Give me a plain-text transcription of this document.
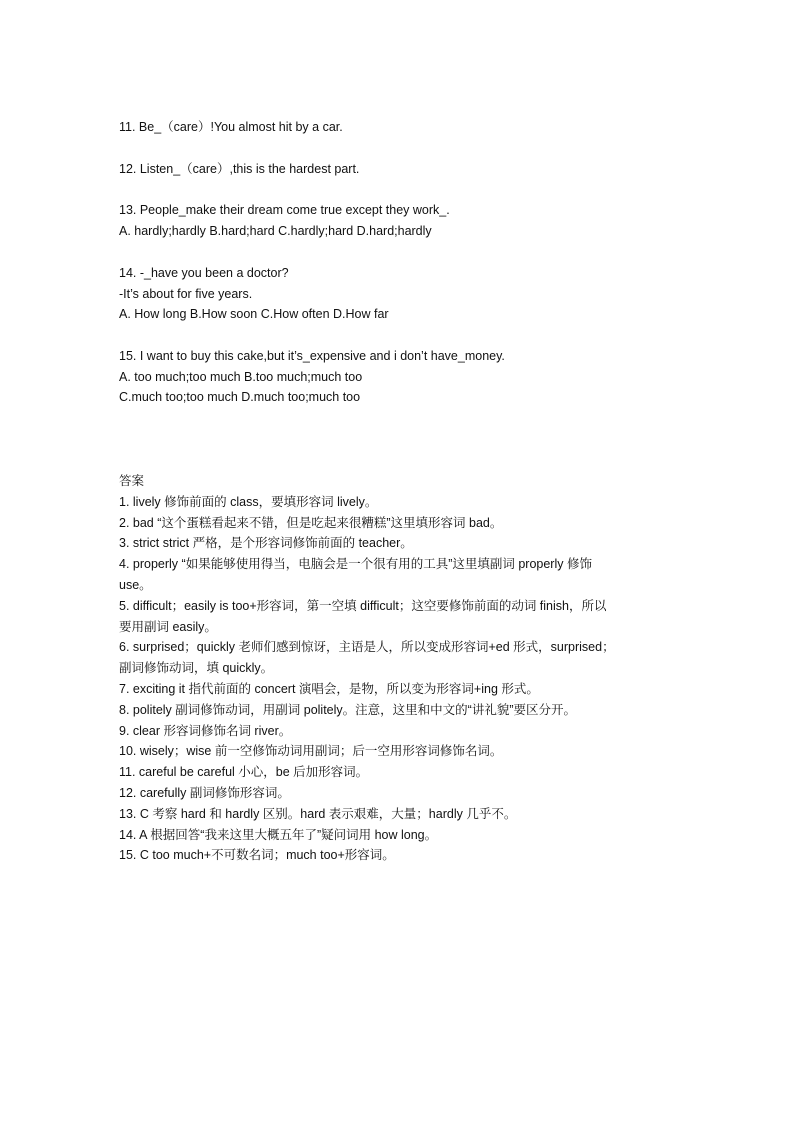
11. Be_（care）!You almost hit by a car.
12. Listen_（care）,this is the hardest part.
13. People_make their dream come true except they work_.
A. hardly;hardly B.hard;hard C.hardly;hard D.hard;hardly
14. -_have you been a doctor?
-It’s about for five years.
A. How long B.How soon C.How often D.How far
15. I want to buy this cake,but it’s_expensive and i don’t have_money.
A. too much;too much B.too much;much too
C.much too;too much D.much too;much too
答案
1. lively 修饰前面的 class，要填形容词 lively。
2. bad “这个蛋糕看起来不错，但是吃起来很糟糕”这里填形容词 bad。
3. strict strict 严格，是个形容词修饰前面的 teacher。
4. properly “如果能够使用得当，电脑会是一个很有用的工具”这里填副词 properly 修饰
use。
5. difficult；easily is too+形容词，第一空填 difficult；这空要修饰前面的动词 finish，所以
要用副词 easily。
6. surprised；quickly 老师们感到惊讶，主语是人，所以变成形容词+ed 形式，surprised；
副词修饰动词，填 quickly。
7. exciting it 指代前面的 concert 演唱会，是物，所以变为形容词+ing 形式。
8. politely 副词修饰动词，用副词 politely。注意，这里和中文的“讲礼貌”要区分开。
9. clear 形容词修饰名词 river。
10. wisely；wise 前一空修饰动词用副词；后一空用形容词修饰名词。
11. careful be careful 小心，be 后加形容词。
12. carefully 副词修饰形容词。
13. C 考察 hard 和 hardly 区别。hard 表示艰难，大量；hardly 几乎不。
14. A 根据回答“我来这里大概五年了”疑问词用 how long。
15. C too much+不可数名词；much too+形容词。
